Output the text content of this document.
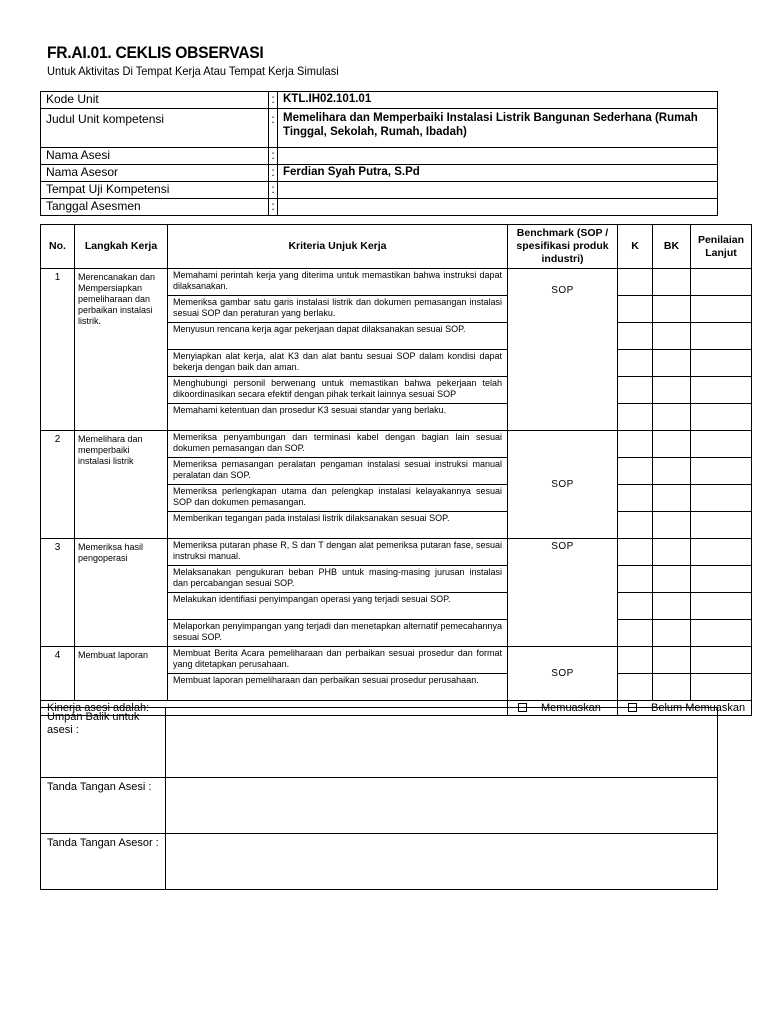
FR.AI.01. CEKLIS OBSERVASI
Untuk Aktivitas Di Tempat Kerja Atau Tempat Kerja Simulasi
Kode Unit	:	KTL.IH02.101.01
Judul Unit kompetensi	:	Memelihara dan Memperbaiki Instalasi Listrik Bangunan Sederhana (Rumah Tinggal, Sekolah, Rumah, Ibadah)
Nama Asesi	:	
Nama Asesor	:	Ferdian Syah Putra, S.Pd
Tempat Uji Kompetensi	:	
Tanggal Asesmen	:	
No.	Langkah Kerja	Kriteria Unjuk Kerja	Benchmark (SOP / spesifikasi produk industri)	K	BK	Penilaian Lanjut
1	Merencanakan dan Mempersiapkan pemeliharaan dan perbaikan instalasi listrik.	Memahami perintah kerja yang diterima untuk memastikan bahwa instruksi dapat dilaksanakan.	SOP			
		Memeriksa gambar satu garis instalasi listrik dan dokumen pemasangan instalasi sesuai SOP dan peraturan yang berlaku.				
		Menyusun rencana kerja agar pekerjaan dapat dilaksanakan sesuai SOP.				
		Menyiapkan alat kerja, alat K3 dan alat bantu sesuai SOP dalam kondisi dapat bekerja dengan baik dan aman.				
		Menghubungi personil berwenang untuk memastikan bahwa pekerjaan telah dikoordinasikan secara efektif dengan pihak terkait lainnya sesuai SOP				
		Memahami ketentuan dan prosedur K3 sesuai standar yang berlaku.				
2	Memelihara dan memperbaiki instalasi listrik	Memeriksa penyambungan dan terminasi kabel dengan bagian lain sesuai dokumen pemasangan dan SOP.	SOP			
		Memeriksa pemasangan peralatan pengaman instalasi sesuai instruksi manual peralatan dan SOP.				
		Memeriksa perlengkapan utama dan pelengkap instalasi kelayakannya sesuai SOP dan dokumen pemasangan.				
		Memberikan tegangan pada instalasi listrik dilaksanakan sesuai SOP.				
3	Memeriksa hasil pengoperasi	Memeriksa putaran phase R, S dan T dengan alat pemeriksa putaran fase, sesuai instruksi manual.	SOP			
		Melaksanakan pengukuran beban PHB untuk masing-masing jurusan instalasi dan percabangan sesuai SOP.				
		Melakukan identifiasi penyimpangan operasi yang terjadi sesuai SOP.				
		Melaporkan penyimpangan yang terjadi dan menetapkan alternatif pemecahannya sesuai SOP.				
4	Membuat laporan	Membuat Berita Acara pemeliharaan dan perbaikan sesuai prosedur dan format yang ditetapkan perusahaan.	SOP			
		Membuat laporan pemeliharaan dan perbaikan sesuai prosedur perusahaan.				
Kinerja asesi adalah:			Memuaskan	Belum Memuaskan		
Umpan Balik untuk asesi :	
Tanda Tangan Asesi :	
Tanda Tangan Asesor :	
